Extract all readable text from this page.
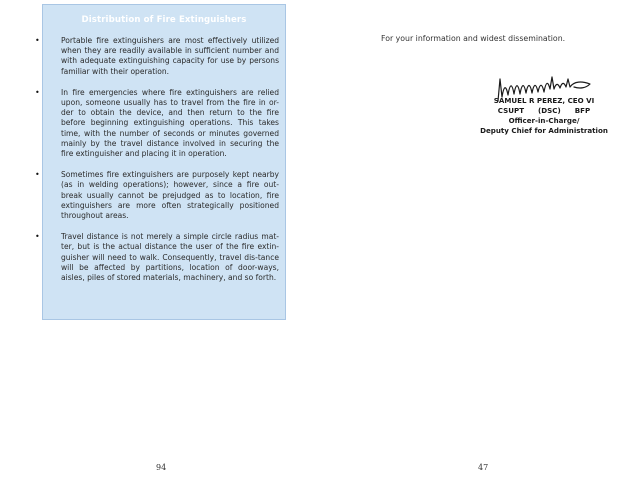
Distribution of Fire Extinguishers
•	Portable fire extinguishers are most effectively utilized when they are readily available in sufficient number and with adequate extinguishing capacity for use by persons familiar with their operation.
•	In fire emergencies where fire extinguishers are relied upon, someone usually has to travel from the fire in or-der to obtain the device, and then return to the fire before beginning extinguishing operations. This takes time, with the number of seconds or minutes governed mainly by the travel distance involved in securing the fire extinguisher and placing it in operation.
•	Sometimes fire extinguishers are purposely kept nearby (as in welding operations); however, since a fire out-break usually cannot be prejudged as to location, fire extinguishers are more often strategically positioned throughout areas.
•	Travel distance is not merely a simple circle radius mat-ter, but is the actual distance the user of the fire extin-guisher will need to walk. Consequently, travel dis-tance will be affected by partitions, location of door-ways, aisles, piles of stored materials, machinery, and so forth.
94
For your information and widest dissemination.
SAMUEL R PEREZ, CEO VI
CSUPT (DSC) BFP
Officer-in-Charge/
Deputy Chief for Administration
47
